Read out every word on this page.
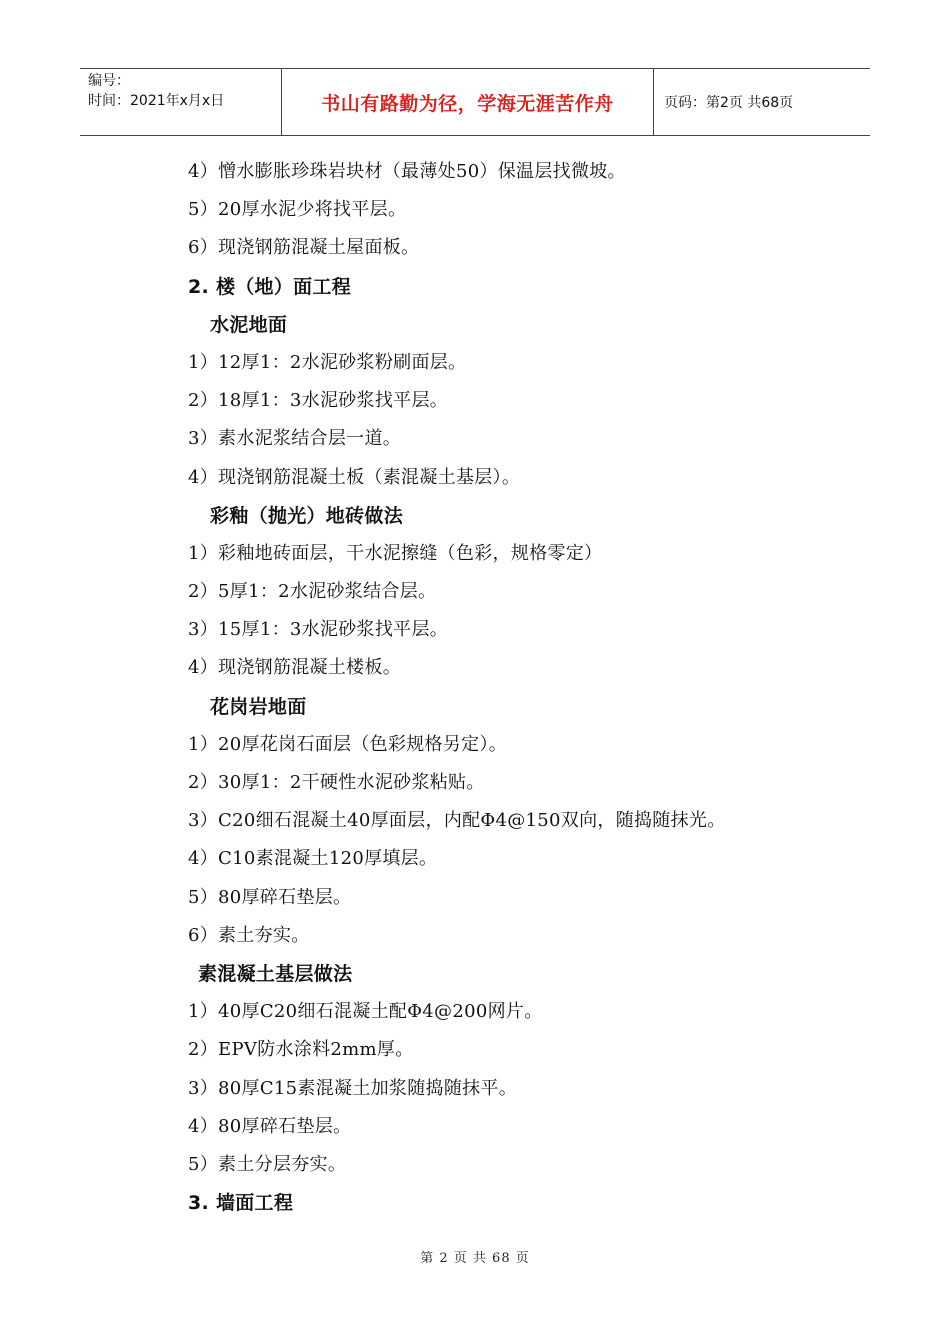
编号：
时间：2021年x月x日	书山有路勤为径，学海无涯苦作舟	页码：第2页 共68页
4）憎水膨胀珍珠岩块材（最薄处50）保温层找微坡。
5）20厚水泥少将找平层。
6）现浇钢筋混凝土屋面板。
2. 楼（地）面工程
水泥地面
1）12厚1：2水泥砂浆粉刷面层。
2）18厚1：3水泥砂浆找平层。
3）素水泥浆结合层一道。
4）现浇钢筋混凝土板（素混凝土基层）。
彩釉（抛光）地砖做法
1）彩釉地砖面层，干水泥擦缝（色彩，规格零定）
2）5厚1：2水泥砂浆结合层。
3）15厚1：3水泥砂浆找平层。
4）现浇钢筋混凝土楼板。
花岗岩地面
1）20厚花岗石面层（色彩规格另定）。
2）30厚1：2干硬性水泥砂浆粘贴。
3）C20细石混凝土40厚面层，内配Φ4@150双向，随捣随抹光。
4）C10素混凝土120厚填层。
5）80厚碎石垫层。
6）素土夯实。
素混凝土基层做法
1）40厚C20细石混凝土配Φ4@200网片。
2）EPV防水涂料2mm厚。
3）80厚C15素混凝土加浆随捣随抹平。
4）80厚碎石垫层。
5）素土分层夯实。
3. 墙面工程
第 2 页 共 68 页
